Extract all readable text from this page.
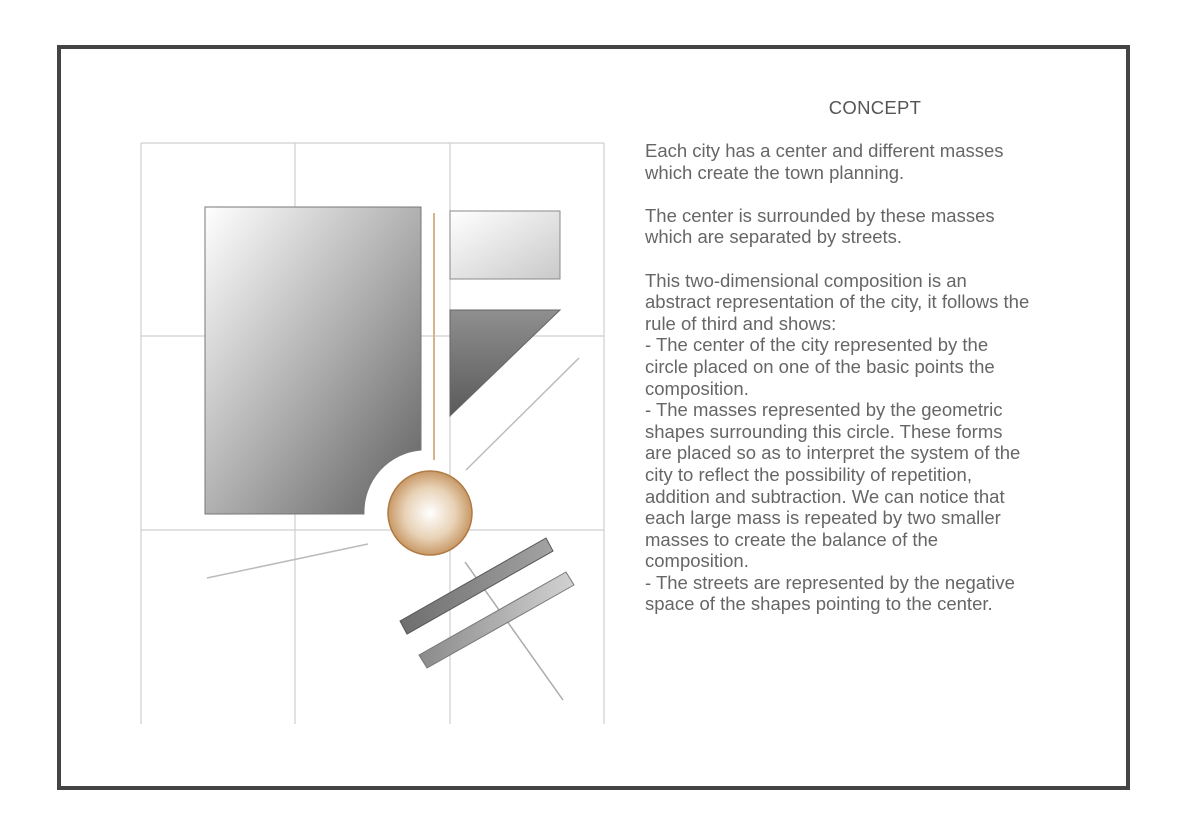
CONCEPT

Each city has a center and different masses
which create the town planning.

The center is surrounded by these masses
which are separated by streets.

This two-dimensional composition is an
abstract representation of the city, it follows the
rule of third and shows:
- The center of the city represented by the
circle placed on one of the basic points the
composition.
- The masses represented by the geometric
shapes surrounding this circle. These forms
are placed so as to interpret the system of the
city to reflect the possibility of repetition,
addition and subtraction. We can notice that
each large mass is repeated by two smaller
masses to create the balance of the
composition.
- The streets are represented by the negative
space of the shapes pointing to the center.
